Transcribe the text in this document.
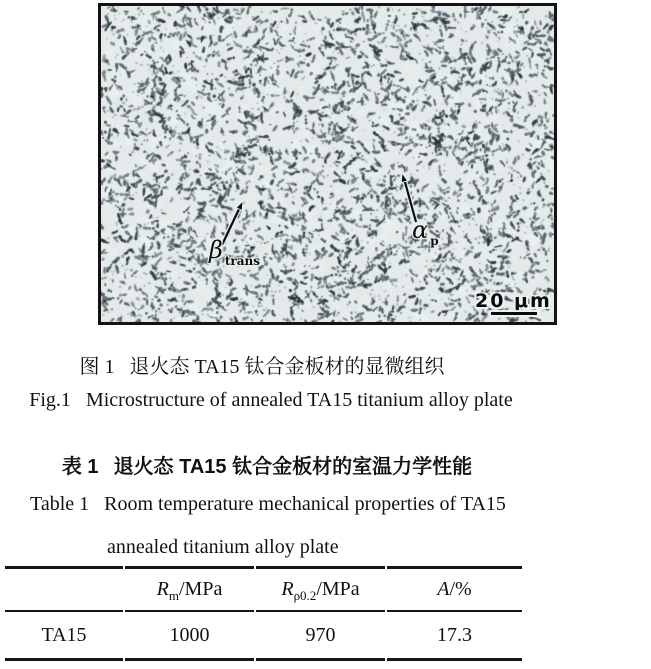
β $_{trans}$
α $_p$
20 μm
图 1 退火态 TA15 钛合金板材的显微组织
Fig.1 Microstructure of annealed TA15 titanium alloy plate
表 1 退火态 TA15 钛合金板材的室温力学性能
Table 1 Room temperature mechanical properties of TA15
annealed titanium alloy plate
	$R_m$/MPa	$R_{\rho 0.2}$/MPa	A/%
TA15	1000	970	17.3
